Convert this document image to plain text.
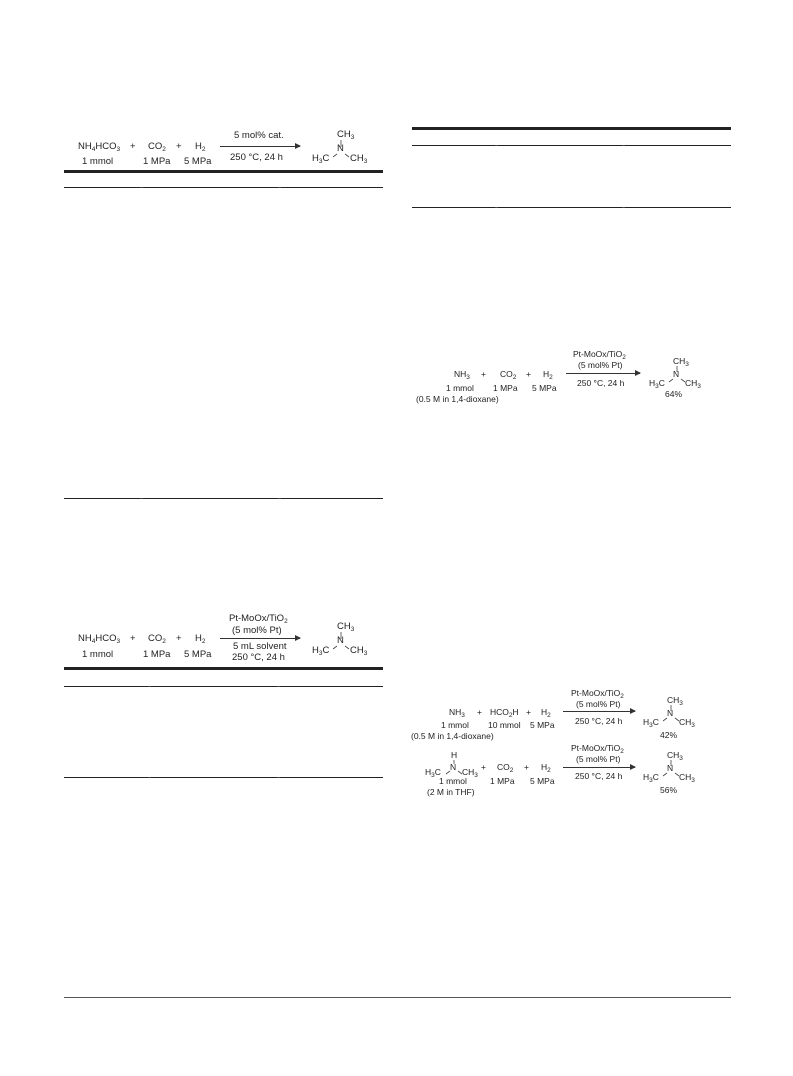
$NH_4HCO_3 + CO_2 + H_2$
1 mmol	1 MPa 5 MPa
5 mol% cat.
250 °C, 24 h
$CH_3$
N
$H_3C$ $CH_3$
$NH_4HCO_3 + CO_2 + H_2$
1 mmol	1 MPa 5 MPa
Pt-MoOx/TiO$_2$
(5 mol% Pt)
5 mL solvent
250 °C, 24 h
$CH_3$
N
$H_3C$ $CH_3$
$NH_3 + CO_2 + H_2$
1 mmol 1 MPa 5 MPa
(0.5 M in 1,4-dioxane)
Pt-MoOx/TiO$_2$
(5 mol% Pt)
250 °C, 24 h
$CH_3$
N
$H_3C$ $CH_3$
64%
$NH_3 + HCO_2H + H_2$
1 mmol 10 mmol 5 MPa
(0.5 M in 1,4-dioxane)
Pt-MoOx/TiO$_2$
(5 mol% Pt)
250 °C, 24 h
$CH_3$
N
$H_3C$ $CH_3$
42%
H
N
$H_3C$ $CH_3$
+ $CO_2 + H_2$
1 mmol	1 MPa 5 MPa
(2 M in THF)
Pt-MoOx/TiO$_2$
(5 mol% Pt)
250 °C, 24 h
$CH_3$
N
$H_3C$ $CH_3$
56%
